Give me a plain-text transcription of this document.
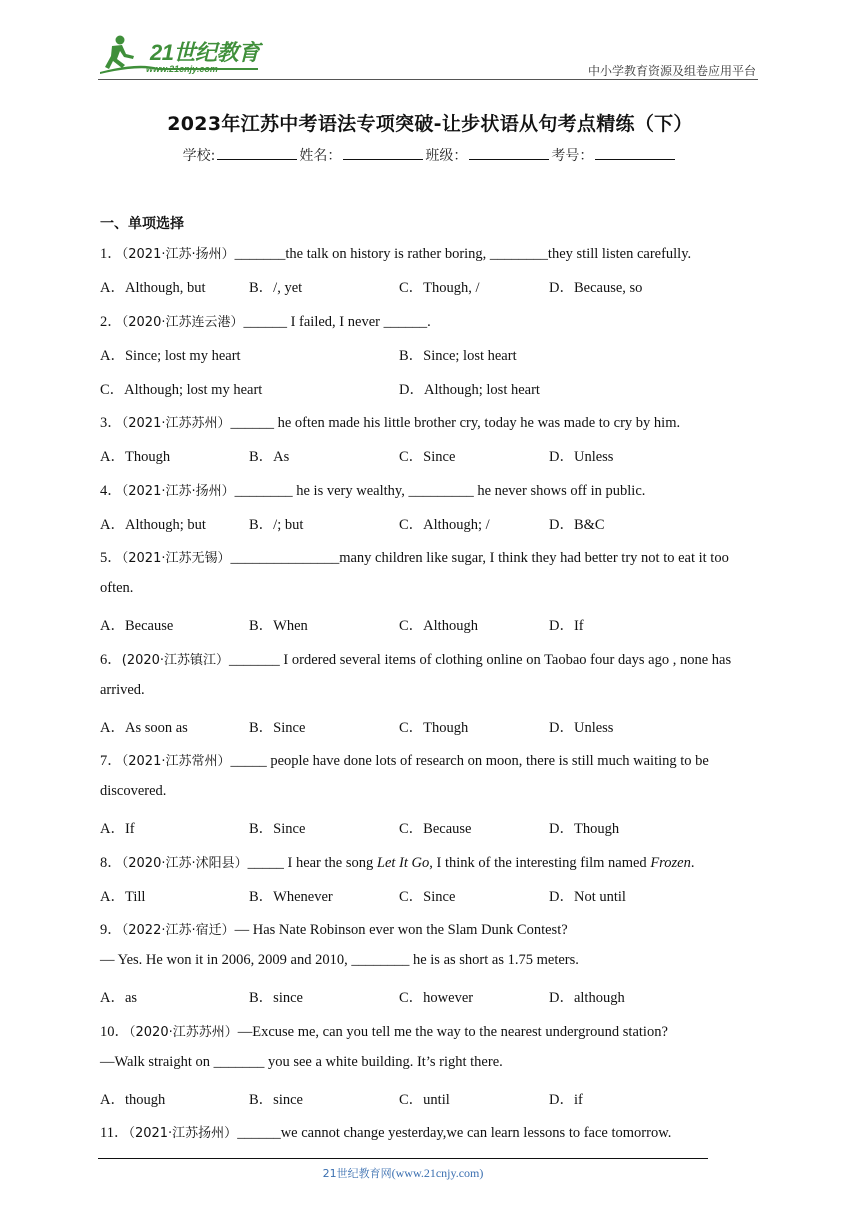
21世纪教育
www.21cnjy.com	中小学教育资源及组卷应用平台
2023年江苏中考语法专项突破-让步状语从句考点精练（下）
学校:	姓名：	班级：	考号：
一、单项选择
1．（2021·江苏·扬州）_______the talk on history is rather boring, ________they still listen carefully.
A．Although, but	B．/, yet	C．Though, /	D．Because, so
2．（2020·江苏连云港）______ I failed, I never ______.
A．Since; lost my heart	B．Since; lost heart
C．Although; lost my heart	D．Although; lost heart
3．（2021·江苏苏州）______ he often made his little brother cry, today he was made to cry by him.
A．Though	B．As	C．Since	D．Unless
4．（2021·江苏·扬州）________ he is very wealthy, _________ he never shows off in public.
A．Although; but	B．/; but	C．Although; /	D．B&C
5．（2021·江苏无锡）_______________many children like sugar, I think they had better try not to eat it too
often.
A．Because	B．When	C．Although	D．If
6．(2020·江苏镇江）_______ I ordered several items of clothing online on Taobao four days ago , none has
arrived.
A．As soon as	B．Since	C．Though	D．Unless
7．（2021·江苏常州）_____ people have done lots of research on moon, there is still much waiting to be
discovered.
A．If	B．Since	C．Because	D．Though
8．（2020·江苏·沭阳县）_____ I hear the song Let It Go, I think of the interesting film named Frozen.
A．Till	B．Whenever	C．Since	D．Not until
9．（2022·江苏·宿迁）— Has Nate Robinson ever won the Slam Dunk Contest?
— Yes. He won it in 2006, 2009 and 2010, ________ he is as short as 1.75 meters.
A．as	B．since	C．however	D．although
10．（2020·江苏苏州）—Excuse me, can you tell me the way to the nearest underground station?
—Walk straight on _______ you see a white building. It’s right there.
A．though	B．since	C．until	D．if
11．（2021·江苏扬州）______we cannot change yesterday,we can learn lessons to face tomorrow.
21世纪教育网(www.21cnjy.com)
